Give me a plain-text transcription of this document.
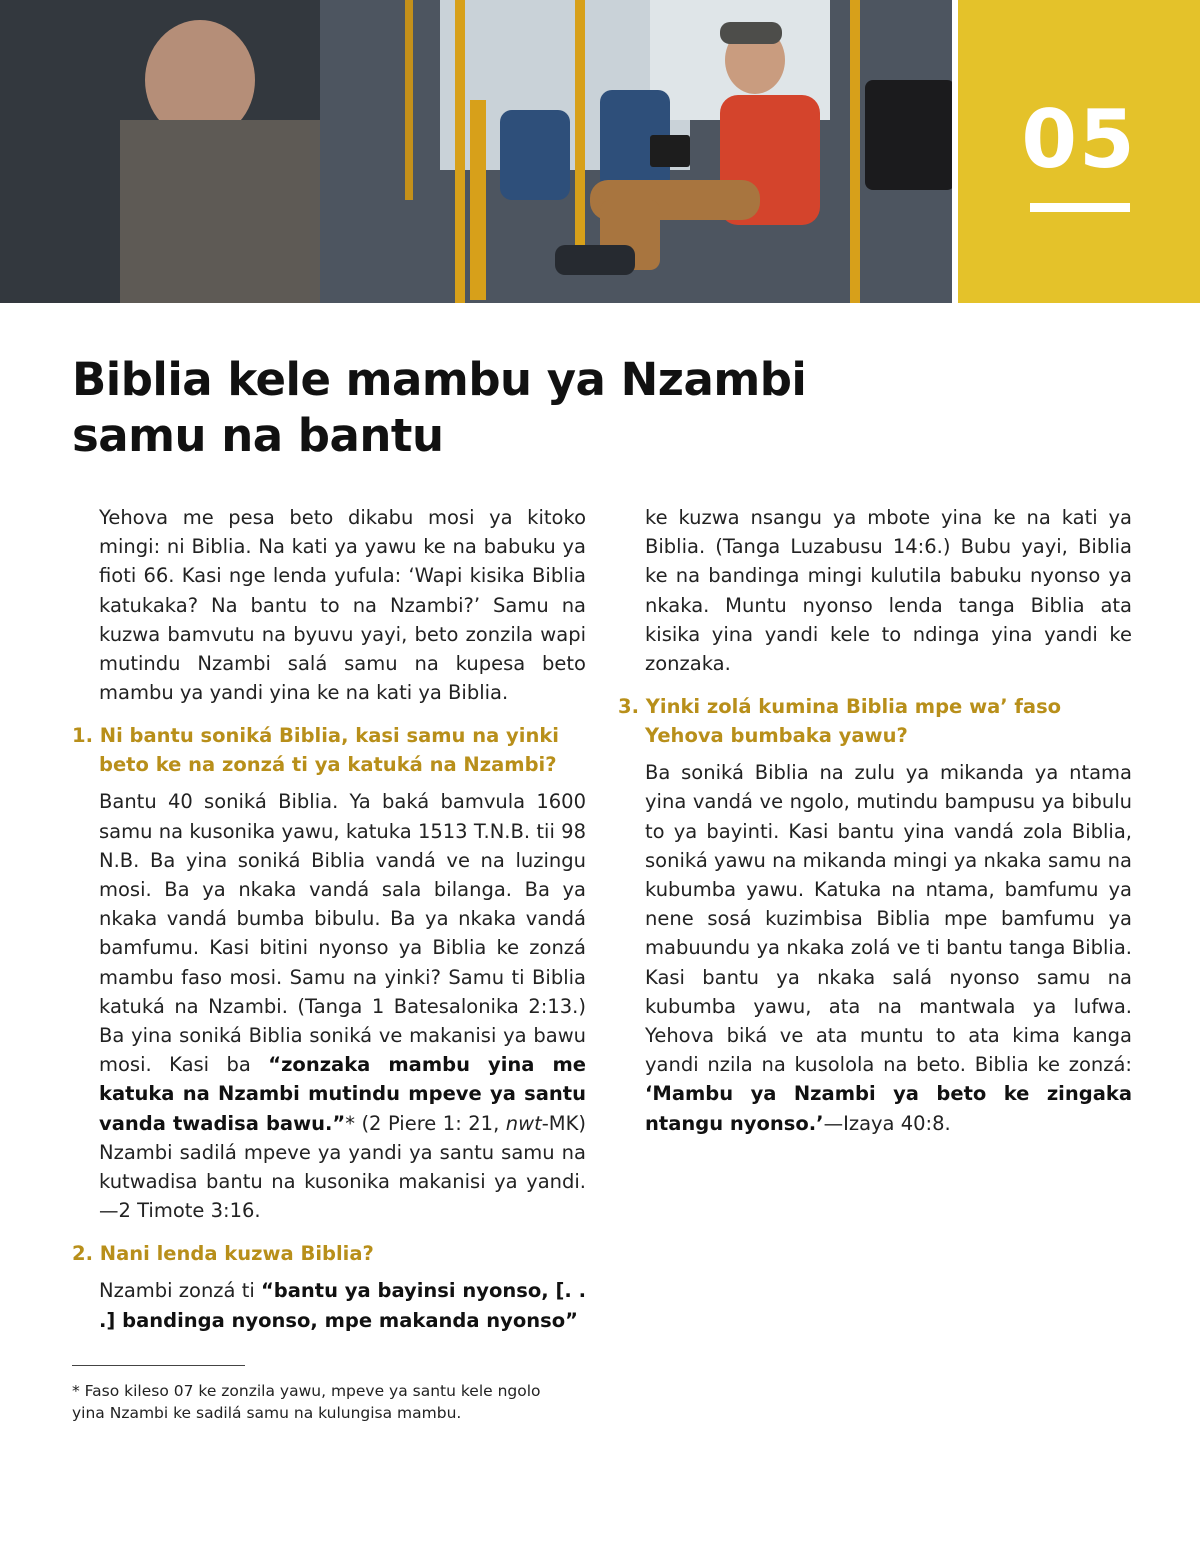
05
Biblia kele mambu ya Nzambi
samu na bantu

Yehova me pesa beto dikabu mosi ya kitoko mingi: ni Biblia. Na kati ya yawu ke na babuku ya fioti 66. Kasi nge lenda yufula: ‘Wapi kisika Biblia katukaka? Na bantu to na Nzambi?’ Samu na kuzwa bamvutu na byuvu yayi, beto zonzila wapi mutindu Nzambi salá samu na kupesa beto mambu ya yandi yina ke na kati ya Biblia.

1. Ni bantu soniká Biblia, kasi samu na yinki beto ke na zonzá ti ya katuká na Nzambi?

Bantu 40 soniká Biblia. Ya baká bamvula 1600 samu na kusonika yawu, katuka 1513 T.N.B. tii 98 N.B. Ba yina soniká Biblia vandá ve na luzingu mosi. Ba ya nkaka vandá sala bilanga. Ba ya nkaka vandá bumba bibulu. Ba ya nkaka vandá bamfumu. Kasi bitini nyonso ya Biblia ke zonzá mambu faso mosi. Samu na yinki? Samu ti Biblia katuká na Nzambi. (Tanga 1 Batesalonika 2:13.) Ba yina soniká Biblia soniká ve makanisi ya bawu mosi. Kasi ba “zonzaka mambu yina me katuka na Nzambi mutindu mpeve ya santu vanda twadisa bawu.”* (2 Piere 1: 21, nwt-MK) Nzambi sadilá mpeve ya yandi ya santu samu na kutwadisa bantu na kusonika makanisi ya yandi.—2 Timote 3:16.

2. Nani lenda kuzwa Biblia?

Nzambi zonzá ti “bantu ya bayinsi nyonso, [. . .] bandinga nyonso, mpe makanda nyonso”

ke kuzwa nsangu ya mbote yina ke na kati ya Biblia. (Tanga Luzabusu 14:6.) Bubu yayi, Biblia ke na bandinga mingi kulutila babuku nyonso ya nkaka. Muntu nyonso lenda tanga Biblia ata kisika yina yandi kele to ndinga yina yandi ke zonzaka.

3. Yinki zolá kumina Biblia mpe wa’ faso Yehova bumbaka yawu?

Ba soniká Biblia na zulu ya mikanda ya ntama yina vandá ve ngolo, mutindu bampusu ya bibulu to ya bayinti. Kasi bantu yina vandá zola Biblia, soniká yawu na mikanda mingi ya nkaka samu na kubumba yawu. Katuka na ntama, bamfumu ya nene sosá kuzimbisa Biblia mpe bamfumu ya mabuundu ya nkaka zolá ve ti bantu tanga Biblia. Kasi bantu ya nkaka salá nyonso samu na kubumba yawu, ata na mantwala ya lufwa. Yehova biká ve ata muntu to ata kima kanga yandi nzila na kusolola na beto. Biblia ke zonzá: ‘Mambu ya Nzambi ya beto ke zingaka ntangu nyonso.’—Izaya 40:8.

* Faso kileso 07 ke zonzila yawu, mpeve ya santu kele ngolo yina Nzambi ke sadilá samu na kulungisa mambu.
